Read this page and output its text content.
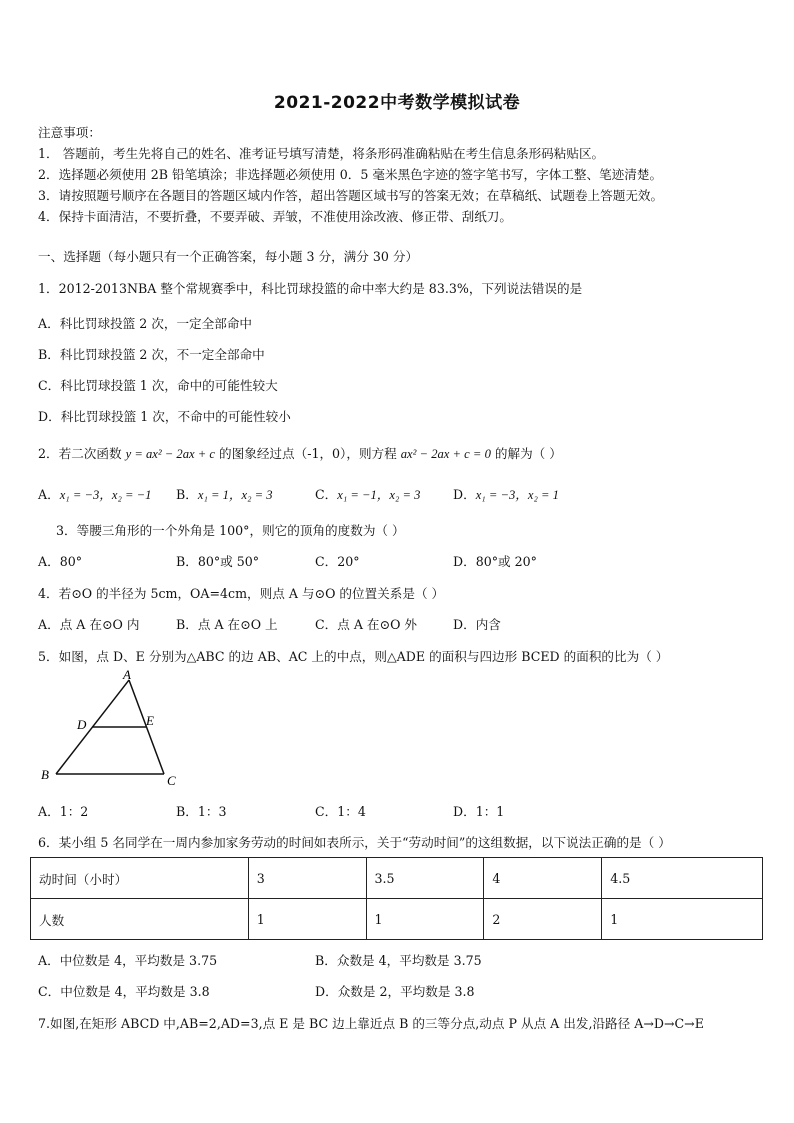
2021-2022中考数学模拟试卷
注意事项：
1． 答题前，考生先将自己的姓名、准考证号填写清楚，将条形码准确粘贴在考生信息条形码粘贴区。
2．选择题必须使用 2B 铅笔填涂；非选择题必须使用 0．5 毫米黑色字迹的签字笔书写，字体工整、笔迹清楚。
3．请按照题号顺序在各题目的答题区域内作答，超出答题区域书写的答案无效；在草稿纸、试题卷上答题无效。
4．保持卡面清洁，不要折叠，不要弄破、弄皱，不准使用涂改液、修正带、刮纸刀。
一、选择题（每小题只有一个正确答案，每小题 3 分，满分 30 分）
1．2012-2013NBA 整个常规赛季中，科比罚球投篮的命中率大约是 83.3%，下列说法错误的是
A．科比罚球投篮 2 次，一定全部命中
B．科比罚球投篮 2 次，不一定全部命中
C．科比罚球投篮 1 次，命中的可能性较大
D．科比罚球投篮 1 次，不命中的可能性较小
2．若二次函数 y = ax² − 2ax + c 的图象经过点（-1，0），则方程 ax² − 2ax + c = 0 的解为（ ）
A．x₁ = −3，x₂ = −1 B．x₁ = 1，x₂ = 3	C．x₁ = −1，x₂ = 3	D．x₁ = −3，x₂ = 1
3．等腰三角形的一个外角是 100°，则它的顶角的度数为（ ）
A．80°	B．80°或 50°	C．20°	D．80°或 20°
4．若⊙O 的半径为 5cm，OA=4cm，则点 A 与⊙O 的位置关系是（ ）
A．点 A 在⊙O 内	B．点 A 在⊙O 上	C．点 A 在⊙O 外	D．内含
5．如图，点 D、E 分别为△ABC 的边 AB、AC 上的中点，则△ADE 的面积与四边形 BCED 的面积的比为（ ）
A
B	C
D	E
A．1：2	B．1：3	C．1：4	D．1：1
6．某小组 5 名同学在一周内参加家务劳动的时间如表所示，关于“劳动时间”的这组数据，以下说法正确的是（ ）
动时间（小时）	3	3.5	4	4.5
人数	1	1	2	1
A．中位数是 4，平均数是 3.75	B．众数是 4，平均数是 3.75
C．中位数是 4，平均数是 3.8	D．众数是 2，平均数是 3.8
7.如图,在矩形 ABCD 中,AB=2,AD=3,点 E 是 BC 边上靠近点 B 的三等分点,动点 P 从点 A 出发,沿路径 A→D→C→E
